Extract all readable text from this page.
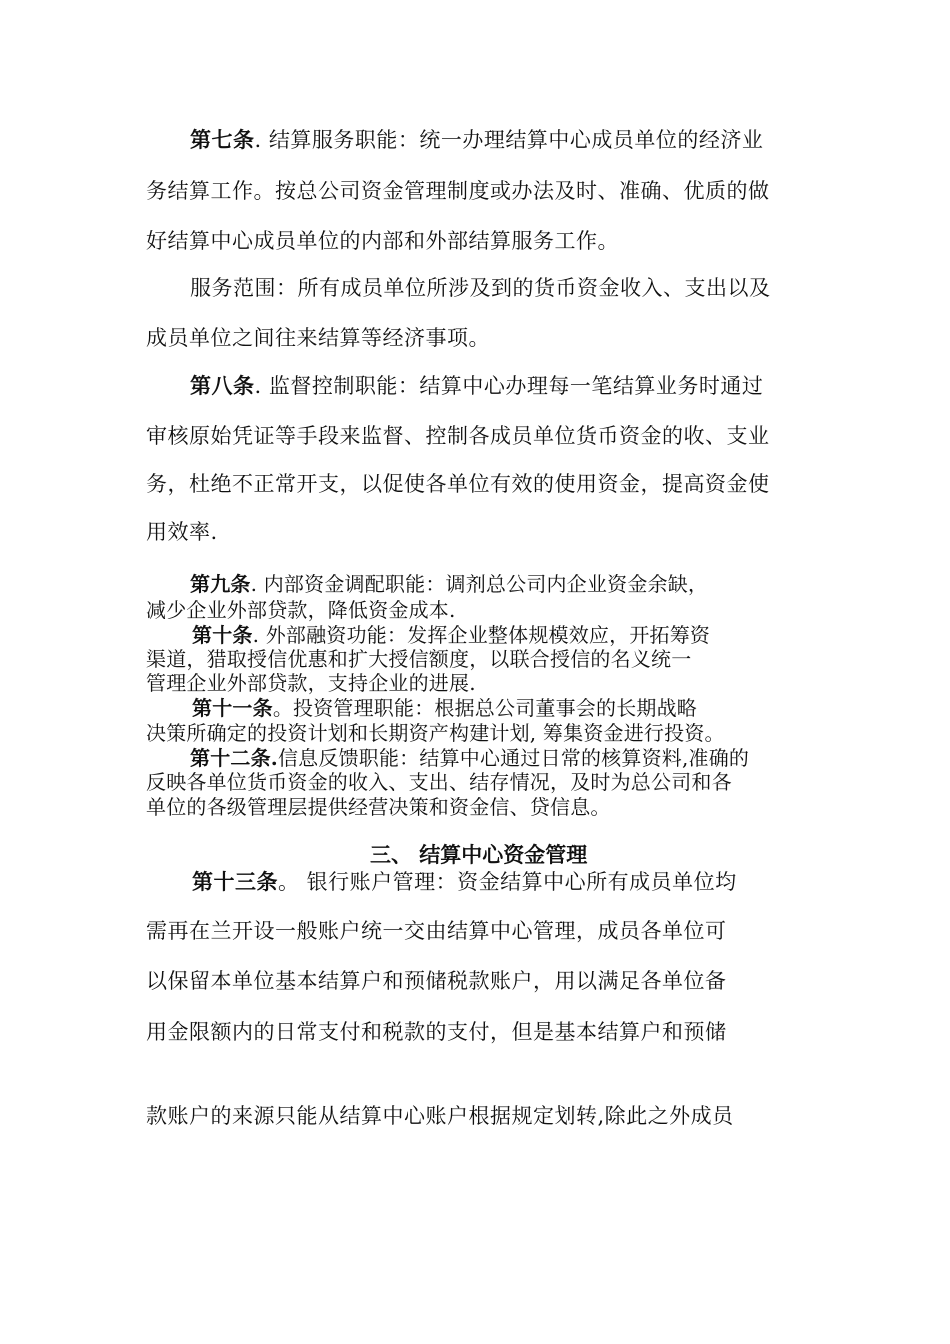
第七条. 结算服务职能：统一办理结算中心成员单位的经济业

务结算工作。按总公司资金管理制度或办法及时、准确、优质的做

好结算中心成员单位的内部和外部结算服务工作。

服务范围：所有成员单位所涉及到的货币资金收入、支出以及

成员单位之间往来结算等经济事项。

第八条. 监督控制职能：结算中心办理每一笔结算业务时通过

审核原始凭证等手段来监督、控制各成员单位货币资金的收、支业

务，杜绝不正常开支，以促使各单位有效的使用资金，提高资金使

用效率.

第九条. 内部资金调配职能：调剂总公司内企业资金余缺，

减少企业外部贷款，降低资金成本.

第十条. 外部融资功能：发挥企业整体规模效应，开拓筹资

渠道，猎取授信优惠和扩大授信额度，以联合授信的名义统一

管理企业外部贷款，支持企业的进展.

第十一条。投资管理职能：根据总公司董事会的长期战略

决策所确定的投资计划和长期资产构建计划, 筹集资金进行投资。

第十二条.信息反馈职能：结算中心通过日常的核算资料,准确的

反映各单位货币资金的收入、支出、结存情况，及时为总公司和各

单位的各级管理层提供经营决策和资金信、贷信息。

三、 结算中心资金管理

第十三条。 银行账户管理：资金结算中心所有成员单位均

需再在兰开设一般账户统一交由结算中心管理，成员各单位可

以保留本单位基本结算户和预储税款账户，用以满足各单位备

用金限额内的日常支付和税款的支付，但是基本结算户和预储

款账户的来源只能从结算中心账户根据规定划转,除此之外成员
